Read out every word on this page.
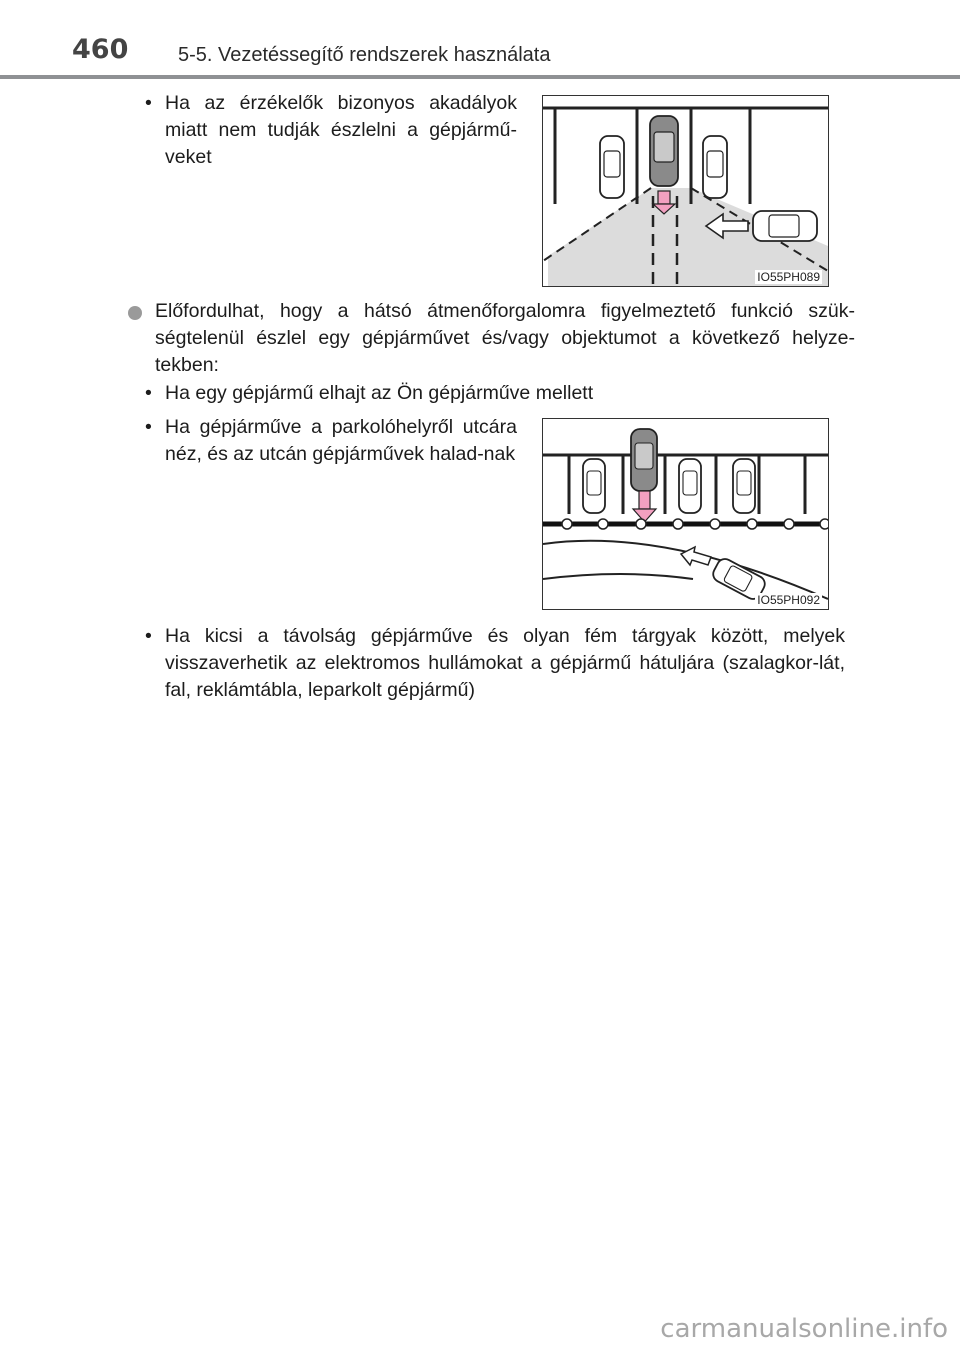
460 5-5. Vezetéssegítő rendszerek használata
• Ha az érzékelők bizonyos akadályok miatt nem tudják észlelni a gépjármű-veket
IO55PH089
Előfordulhat, hogy a hátsó átmenőforgalomra figyelmeztető funkció szük-ségtelenül észlel egy gépjárművet és/vagy objektumot a következő helyze-tekben:
• Ha egy gépjármű elhajt az Ön gépjárműve mellett
• Ha gépjárműve a parkolóhelyről utcára néz, és az utcán gépjárművek halad-nak
IO55PH092
• Ha kicsi a távolság gépjárműve és olyan fém tárgyak között, melyek visszaverhetik az elektromos hullámokat a gépjármű hátuljára (szalagkor-lát, fal, reklámtábla, leparkolt gépjármű)
carmanualsonline.info
